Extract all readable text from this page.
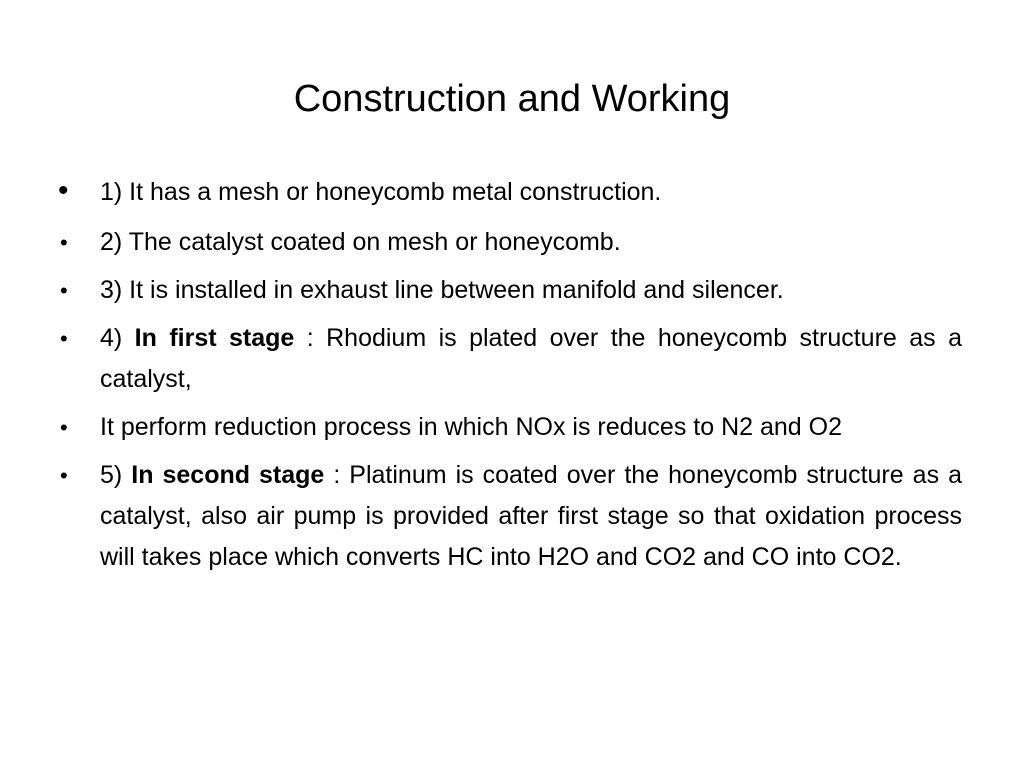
Construction and Working
•	1) It has a mesh or honeycomb metal construction.
•	2) The catalyst coated on mesh or honeycomb.
•	3) It is installed in exhaust line between manifold and silencer.
•	4) In first stage : Rhodium is plated over the honeycomb structure as a catalyst,
•	It perform reduction process in which NOx is reduces to N2 and O2
•	5) In second stage : Platinum is coated over the honeycomb structure as a catalyst, also air pump is provided after first stage so that oxidation process will takes place which converts HC into H2O and CO2 and CO into CO2.
